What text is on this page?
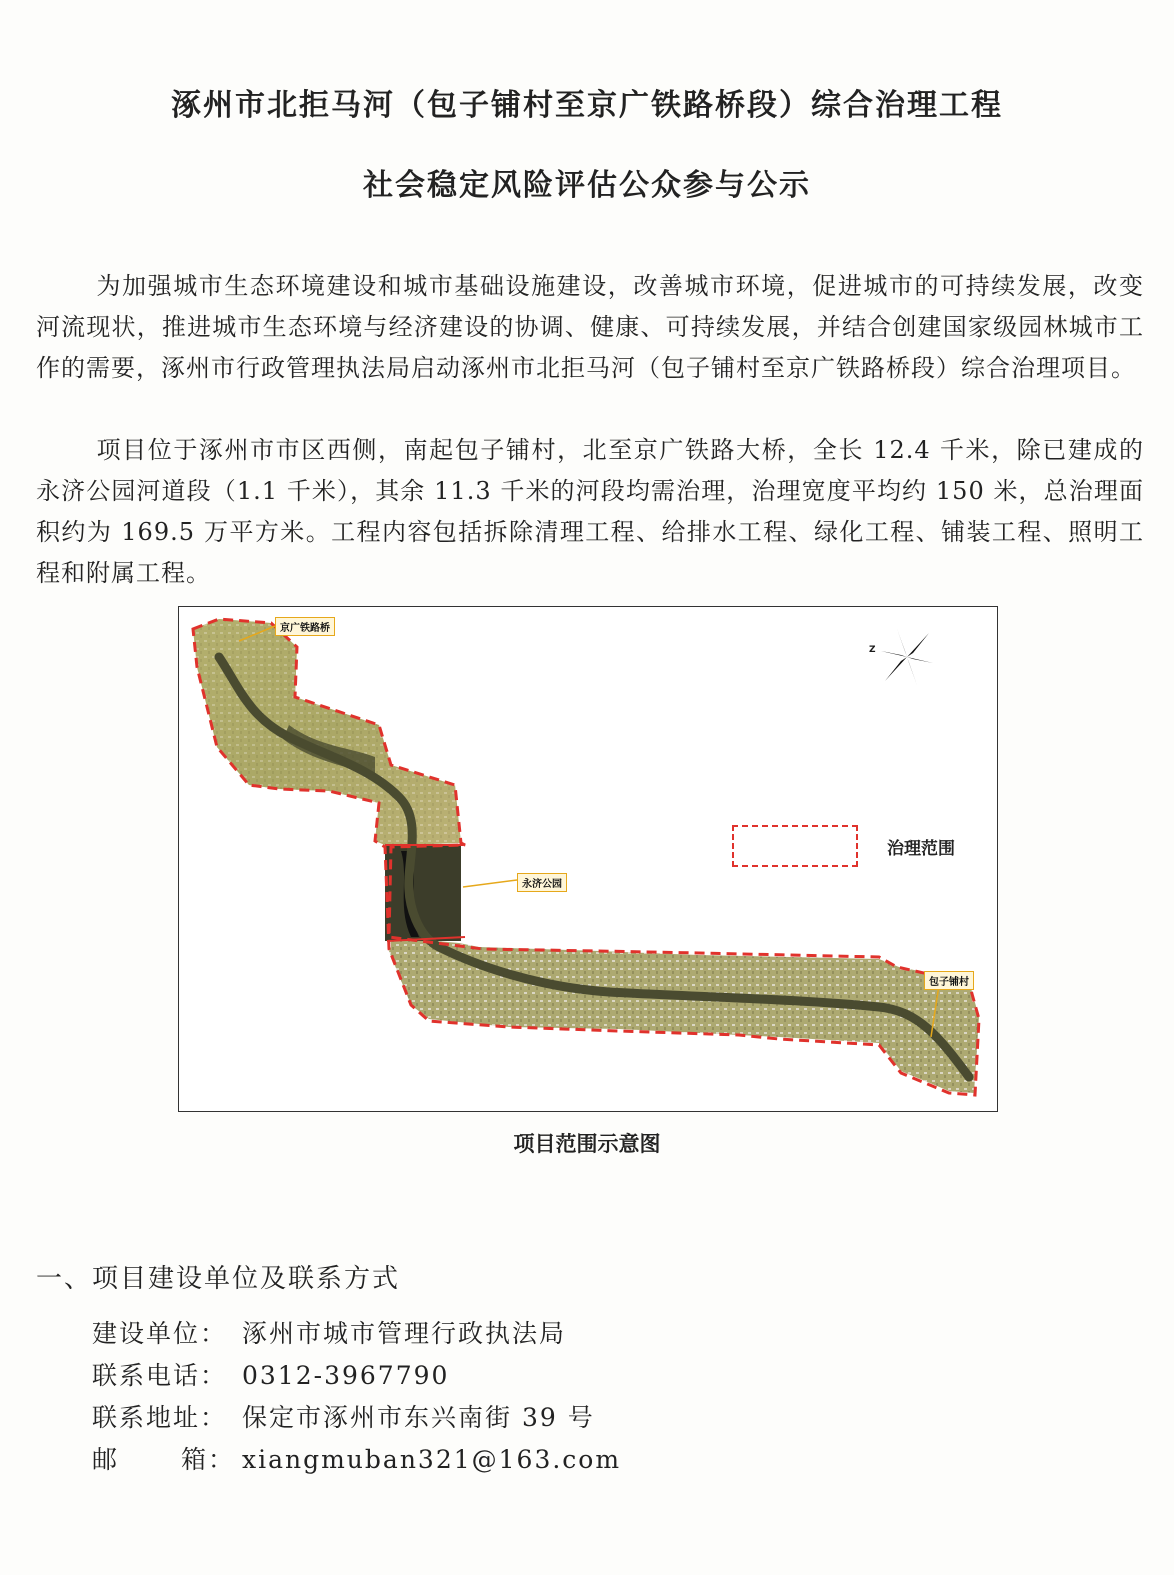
涿州市北拒马河（包子铺村至京广铁路桥段）综合治理工程
社会稳定风险评估公众参与公示
为加强城市生态环境建设和城市基础设施建设，改善城市环境，促进城市的可持续发展，改变河流现状，推进城市生态环境与经济建设的协调、健康、可持续发展，并结合创建国家级园林城市工作的需要，涿州市行政管理执法局启动涿州市北拒马河（包子铺村至京广铁路桥段）综合治理项目。
项目位于涿州市市区西侧，南起包子铺村，北至京广铁路大桥，全长 12.4 千米，除已建成的永济公园河道段（1.1 千米），其余 11.3 千米的河段均需治理，治理宽度平均约 150 米，总治理面积约为 169.5 万平方米。工程内容包括拆除清理工程、给排水工程、绿化工程、铺装工程、照明工程和附属工程。
Z
京广铁路桥
永济公园
包子铺村
治理范围
项目范围示意图
一、项目建设单位及联系方式
建设单位： 涿州市城市管理行政执法局
联系电话： 0312-3967790
联系地址： 保定市涿州市东兴南街 39 号
邮 箱： xiangmuban321@163.com
